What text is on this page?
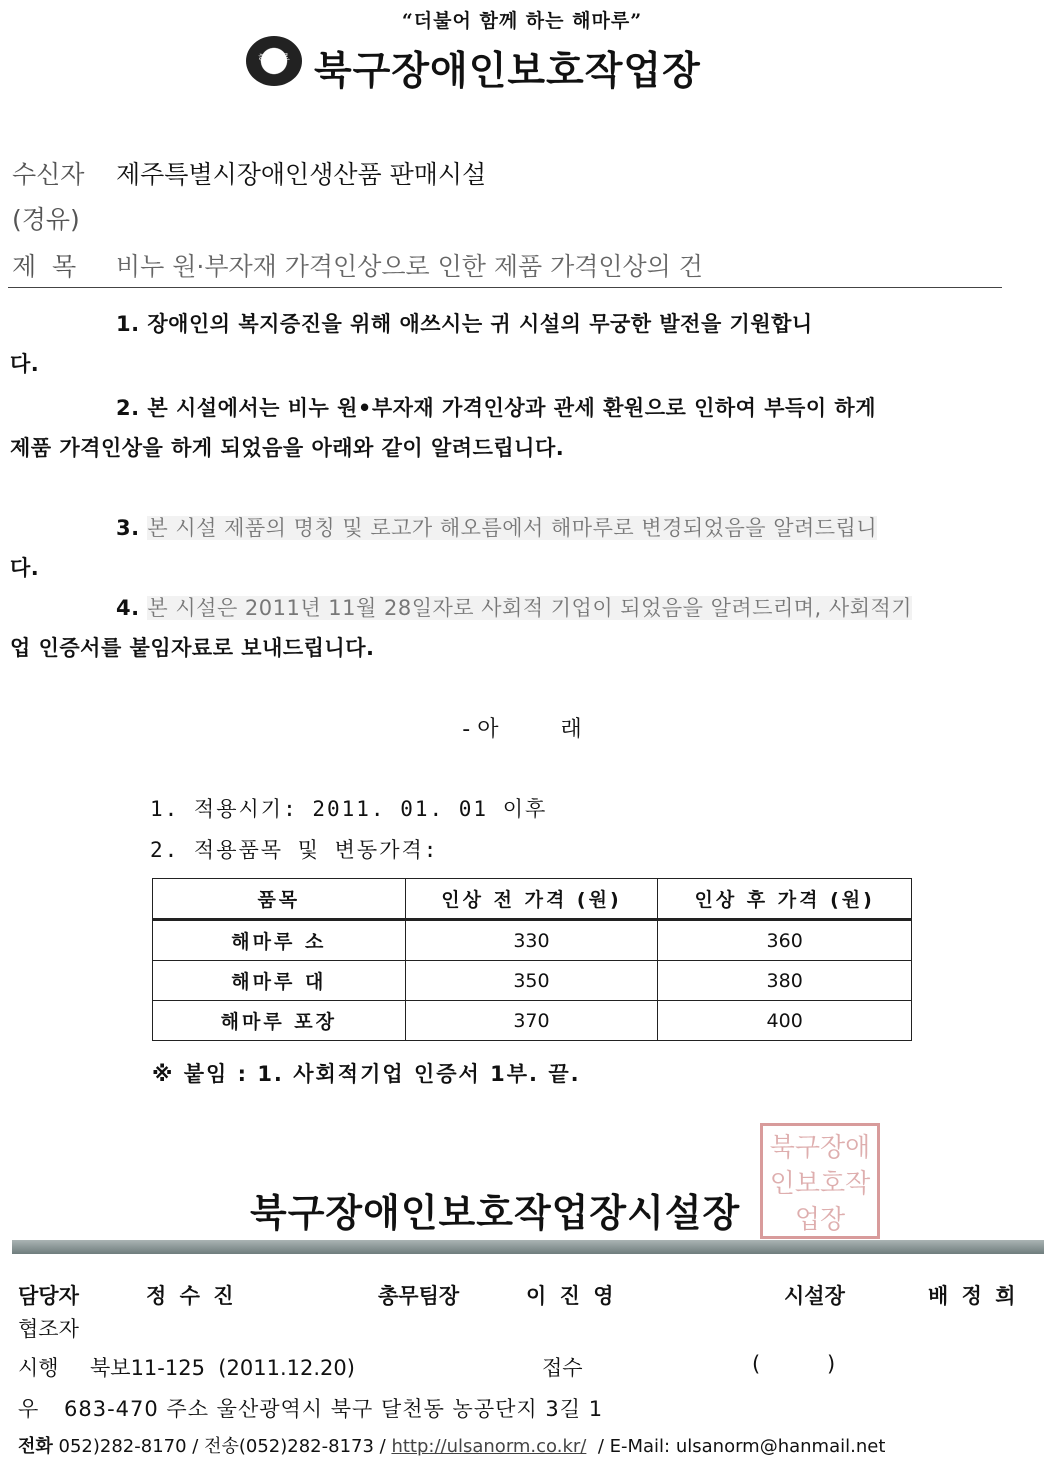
“더불어 함께 하는 해마루”
해마루 북구장애인보호작업장
수신자 제주특별시장애인생산품 판매시설
(경유)
제  목 비누 원·부자재 가격인상으로 인한 제품 가격인상의 건
1. 장애인의 복지증진을 위해 애쓰시는 귀 시설의 무궁한 발전을 기원합니
다.
2. 본 시설에서는 비누 원•부자재 가격인상과 관세 환원으로 인하여 부득이 하게
제품 가격인상을 하게 되었음을 아래와 같이 알려드립니다.
3. 본 시설 제품의 명칭 및 로고가 해오름에서 해마루로 변경되었음을 알려드립니
다.
4. 본 시설은 2011년 11월 28일자로 사회적 기업이 되었음을 알려드리며, 사회적기
업 인증서를 붙임자료로 보내드립니다.
- 아	래
1. 적용시기: 2011. 01. 01 이후
2. 적용품목 및 변동가격:
품목	인상 전 가격 (원)	인상 후 가격 (원)
해마루 소	330	360
해마루 대	350	380
해마루 포장	370	400
※ 붙임 : 1. 사회적기업 인증서 1부. 끝.
북구장애인보호작업장시설장
북구장애
인보호작
업장
담당자	정 수 진	총무팀장	이 진 영	시설장	배 정 희
협조자
시행 북보11-125  (2011.12.20)	접수	(          )
우 683-470 주소 울산광역시 북구 달천동 농공단지 3길 1
전화 052)282-8170 / 전송(052)282-8173 / http://ulsanorm.co.kr/  / E-Mail: ulsanorm@hanmail.net
